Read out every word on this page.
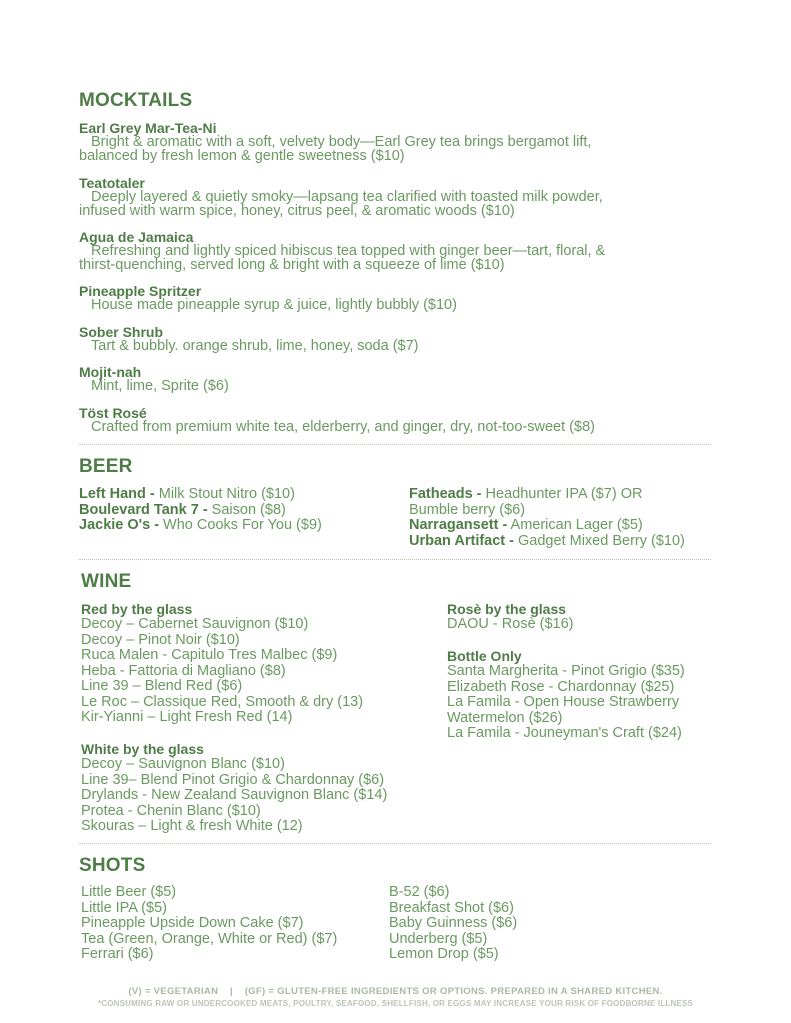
MOCKTAILS
Earl Grey Mar-Tea-Ni
Bright & aromatic with a soft, velvety body—Earl Grey tea brings bergamot lift,
balanced by fresh lemon & gentle sweetness ($10)
Teatotaler
Deeply layered & quietly smoky—lapsang tea clarified with toasted milk powder,
infused with warm spice, honey, citrus peel, & aromatic woods ($10)
Agua de Jamaica
Refreshing and lightly spiced hibiscus tea topped with ginger beer—tart, floral, &
thirst-quenching, served long & bright with a squeeze of lime ($10)
Pineapple Spritzer
House made pineapple syrup & juice, lightly bubbly ($10)
Sober Shrub
Tart & bubbly. orange shrub, lime, honey, soda ($7)
Mojit-nah
Mint, lime, Sprite ($6)
Töst Rosé
Crafted from premium white tea, elderberry, and ginger, dry, not-too-sweet ($8)
BEER
Left Hand - Milk Stout Nitro ($10)
Boulevard Tank 7 - Saison ($8)
Jackie O's - Who Cooks For You ($9)
Fatheads - Headhunter IPA ($7) OR
Bumble berry ($6)
Narragansett - American Lager ($5)
Urban Artifact - Gadget Mixed Berry ($10)
WINE
Red by the glass
Decoy – Cabernet Sauvignon ($10)
Decoy – Pinot Noir ($10)
Ruca Malen - Capitulo Tres Malbec ($9)
Heba - Fattoria di Magliano ($8)
Line 39 – Blend Red ($6)
Le Roc – Classique Red, Smooth & dry (13)
Kir-Yianni – Light Fresh Red (14)
White by the glass
Decoy – Sauvignon Blanc ($10)
Line 39– Blend Pinot Grigio & Chardonnay ($6)
Drylands - New Zealand Sauvignon Blanc ($14)
Protea - Chenin Blanc ($10)
Skouras – Light & fresh White (12)
Rosè by the glass
DAOU - Rosè ($16)
Bottle Only
Santa Margherita - Pinot Grigio ($35)
Elizabeth Rose - Chardonnay ($25)
La Famila - Open House Strawberry
Watermelon ($26)
La Famila - Jouneyman's Craft ($24)
SHOTS
Little Beer ($5)
Little IPA ($5)
Pineapple Upside Down Cake ($7)
Tea (Green, Orange, White or Red) ($7)
Ferrari ($6)
B-52 ($6)
Breakfast Shot ($6)
Baby Guinness ($6)
Underberg ($5)
Lemon Drop ($5)
(V) = VEGETARIAN    |    (GF) = GLUTEN-FREE INGREDIENTS OR OPTIONS. PREPARED IN A SHARED KITCHEN.
*CONSUMING RAW OR UNDERCOOKED MEATS, POULTRY, SEAFOOD, SHELLFISH, OR EGGS MAY INCREASE YOUR RISK OF FOODBORNE ILLNESS
